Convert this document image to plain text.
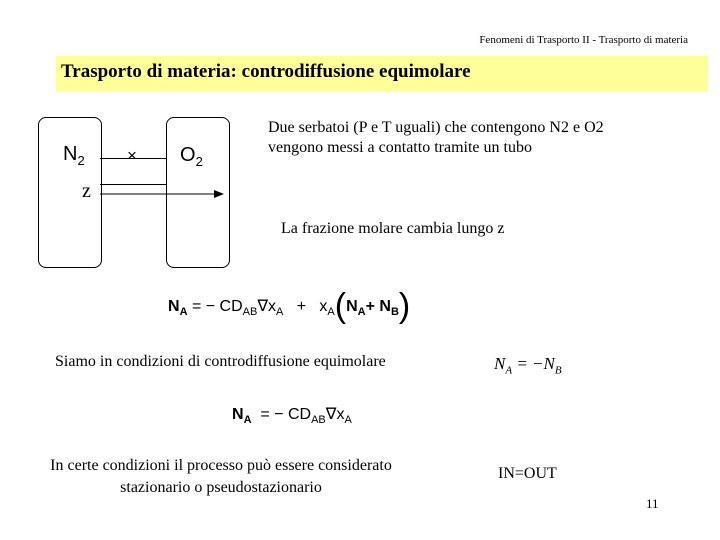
Fenomeni di Trasporto II - Trasporto di materia
Trasporto di materia: controdiffusione equimolare
$N_2 \times O_2$
z
Due serbatoi (P e T uguali) che contengono N2 e O2 vengono messi a contatto tramite un tubo
La frazione molare cambia lungo z
$N_A$ = − $CD_{AB}\nabla x_A + x_A(N_A+ N_B)$
Siamo in condizioni di controdiffusione equimolare	$N_A = -N_B$
$N_A$ = − $CD_{AB}\nabla x_A$
In certe condizioni il processo può essere considerato stazionario o pseudostazionario
IN=OUT
11
